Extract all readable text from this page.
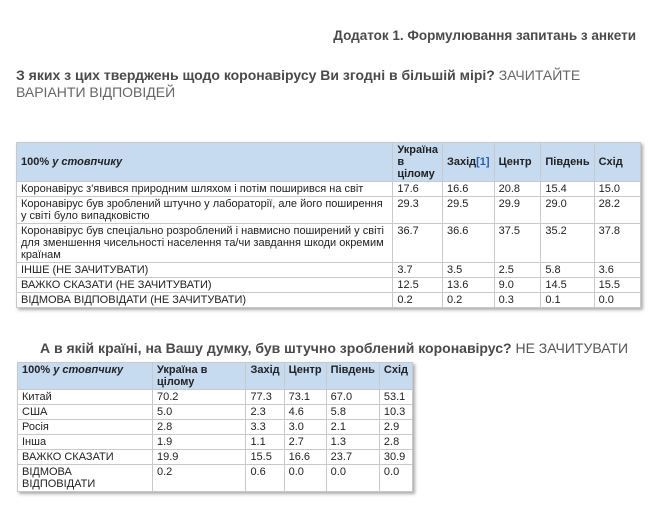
Додаток 1. Формулювання запитань з анкети
З яких з цих тверджень щодо коронавірусу Ви згодні в більшій мірі? ЗАЧИТАЙТЕ ВАРІАНТИ ВІДПОВІДЕЙ
100% у стовпчику	Україна в цілому	Захід[1]	Центр	Південь	Схід
Коронавірус з'явився природним шляхом і потім поширився на світ	17.6	16.6	20.8	15.4	15.0
Коронавірус був зроблений штучно у лабораторії, але його поширення у світі було випадковістю	29.3	29.5	29.9	29.0	28.2
Коронавірус був спеціально розроблений і навмисно поширений у світі для зменшення чисельності населення та/чи завдання шкоди окремим країнам	36.7	36.6	37.5	35.2	37.8
ІНШЕ (НЕ ЗАЧИТУВАТИ)	3.7	3.5	2.5	5.8	3.6
ВАЖКО СКАЗАТИ (НЕ ЗАЧИТУВАТИ)	12.5	13.6	9.0	14.5	15.5
ВІДМОВА ВІДПОВІДАТИ (НЕ ЗАЧИТУВАТИ)	0.2	0.2	0.3	0.1	0.0
А в якій країні, на Вашу думку, був штучно зроблений коронавірус? НЕ ЗАЧИТУВАТИ
100% у стовпчику	Україна в цілому	Захід	Центр	Південь	Схід
Китай	70.2	77.3	73.1	67.0	53.1
США	5.0	2.3	4.6	5.8	10.3
Росія	2.8	3.3	3.0	2.1	2.9
Інша	1.9	1.1	2.7	1.3	2.8
ВАЖКО СКАЗАТИ	19.9	15.5	16.6	23.7	30.9
ВІДМОВА ВІДПОВІДАТИ	0.2	0.6	0.0	0.0	0.0
